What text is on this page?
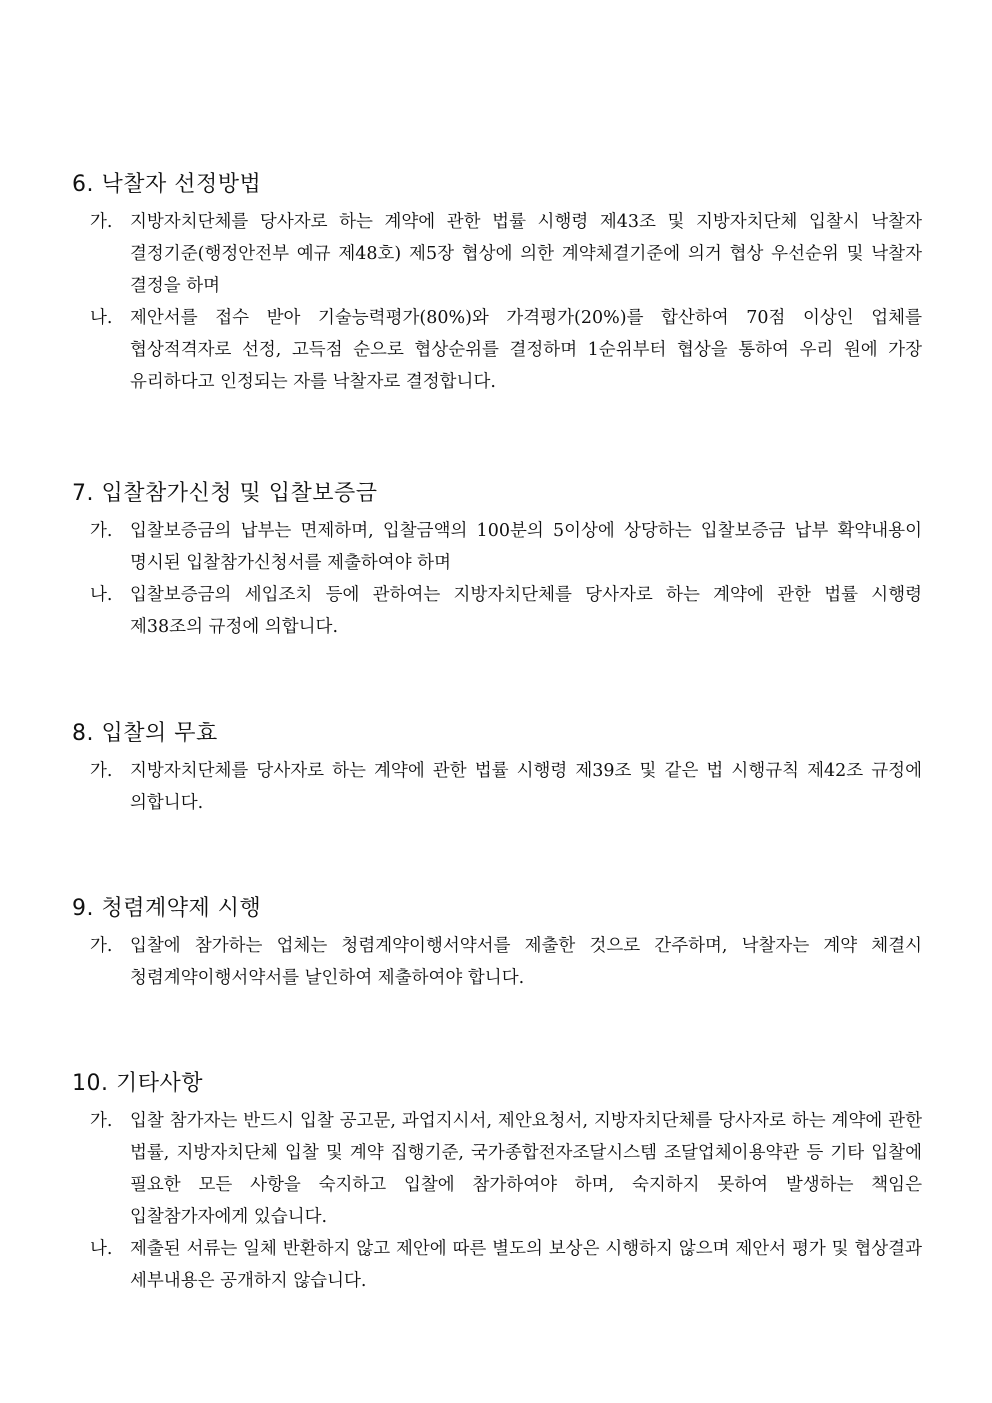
6. 낙찰자 선정방법
가.	지방자치단체를 당사자로 하는 계약에 관한 법률 시행령 제43조 및 지방자치단체 입찰시 낙찰자 결정기준(행정안전부 예규 제48호) 제5장 협상에 의한 계약체결기준에 의거 협상 우선순위 및 낙찰자 결정을 하며
나.	제안서를 접수 받아 기술능력평가(80%)와 가격평가(20%)를 합산하여 70점 이상인 업체를 협상적격자로 선정, 고득점 순으로 협상순위를 결정하며 1순위부터 협상을 통하여 우리 원에 가장 유리하다고 인정되는 자를 낙찰자로 결정합니다.
7. 입찰참가신청 및 입찰보증금
가.	입찰보증금의 납부는 면제하며, 입찰금액의 100분의 5이상에 상당하는 입찰보증금 납부 확약내용이 명시된 입찰참가신청서를 제출하여야 하며
나.	입찰보증금의 세입조치 등에 관하여는 지방자치단체를 당사자로 하는 계약에 관한 법률 시행령 제38조의 규정에 의합니다.
8. 입찰의 무효
가.	지방자치단체를 당사자로 하는 계약에 관한 법률 시행령 제39조 및 같은 법 시행규칙 제42조 규정에 의합니다.
9. 청렴계약제 시행
가.	입찰에 참가하는 업체는 청렴계약이행서약서를 제출한 것으로 간주하며, 낙찰자는 계약 체결시 청렴계약이행서약서를 날인하여 제출하여야 합니다.
10. 기타사항
가.	입찰 참가자는 반드시 입찰 공고문, 과업지시서, 제안요청서, 지방자치단체를 당사자로 하는 계약에 관한 법률, 지방자치단체 입찰 및 계약 집행기준, 국가종합전자조달시스템 조달업체이용약관 등 기타 입찰에 필요한 모든 사항을 숙지하고 입찰에 참가하여야 하며, 숙지하지 못하여 발생하는 책임은 입찰참가자에게 있습니다.
나.	제출된 서류는 일체 반환하지 않고 제안에 따른 별도의 보상은 시행하지 않으며 제안서 평가 및 협상결과 세부내용은 공개하지 않습니다.
